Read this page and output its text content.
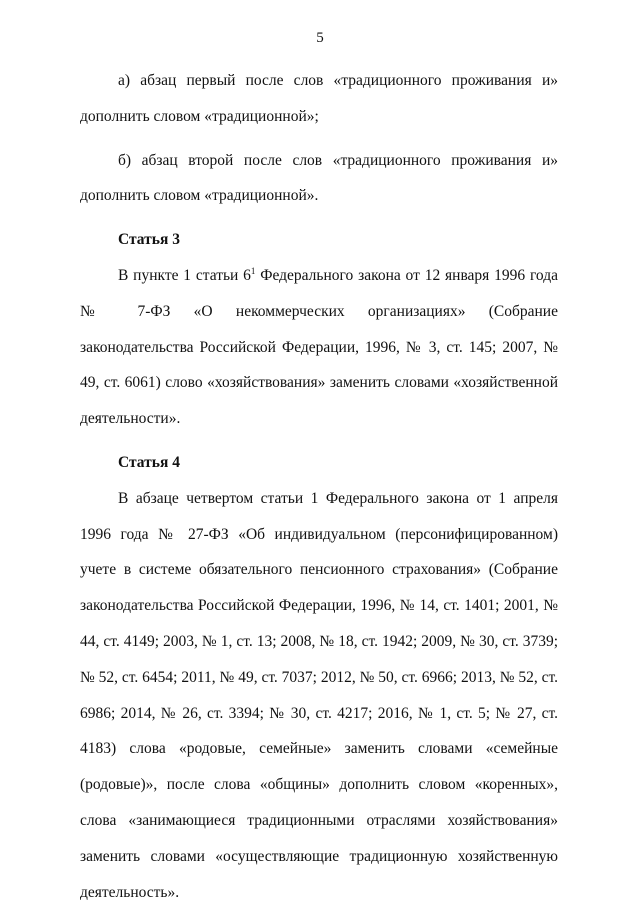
5

а) абзац первый после слов «традиционного проживания и» дополнить словом «традиционной»;

б) абзац второй после слов «традиционного проживания и» дополнить словом «традиционной».

Статья 3

В пункте 1 статьи $6^1$ Федерального закона от 12 января 1996 года № 7-ФЗ «О некоммерческих организациях» (Собрание законодательства Российской Федерации, 1996, № 3, ст. 145; 2007, № 49, ст. 6061) слово «хозяйствования» заменить словами «хозяйственной деятельности».

Статья 4

В абзаце четвертом статьи 1 Федерального закона от 1 апреля 1996 года № 27-ФЗ «Об индивидуальном (персонифицированном) учете в системе обязательного пенсионного страхования» (Собрание законодательства Российской Федерации, 1996, № 14, ст. 1401; 2001, № 44, ст. 4149; 2003, № 1, ст. 13; 2008, № 18, ст. 1942; 2009, № 30, ст. 3739; № 52, ст. 6454; 2011, № 49, ст. 7037; 2012, № 50, ст. 6966; 2013, № 52, ст. 6986; 2014, № 26, ст. 3394; № 30, ст. 4217; 2016, № 1, ст. 5; № 27, ст. 4183) слова «родовые, семейные» заменить словами «семейные (родовые)», после слова «общины» дополнить словом «коренных», слова «занимающиеся традиционными отраслями хозяйствования» заменить словами «осуществляющие традиционную хозяйственную деятельность».
